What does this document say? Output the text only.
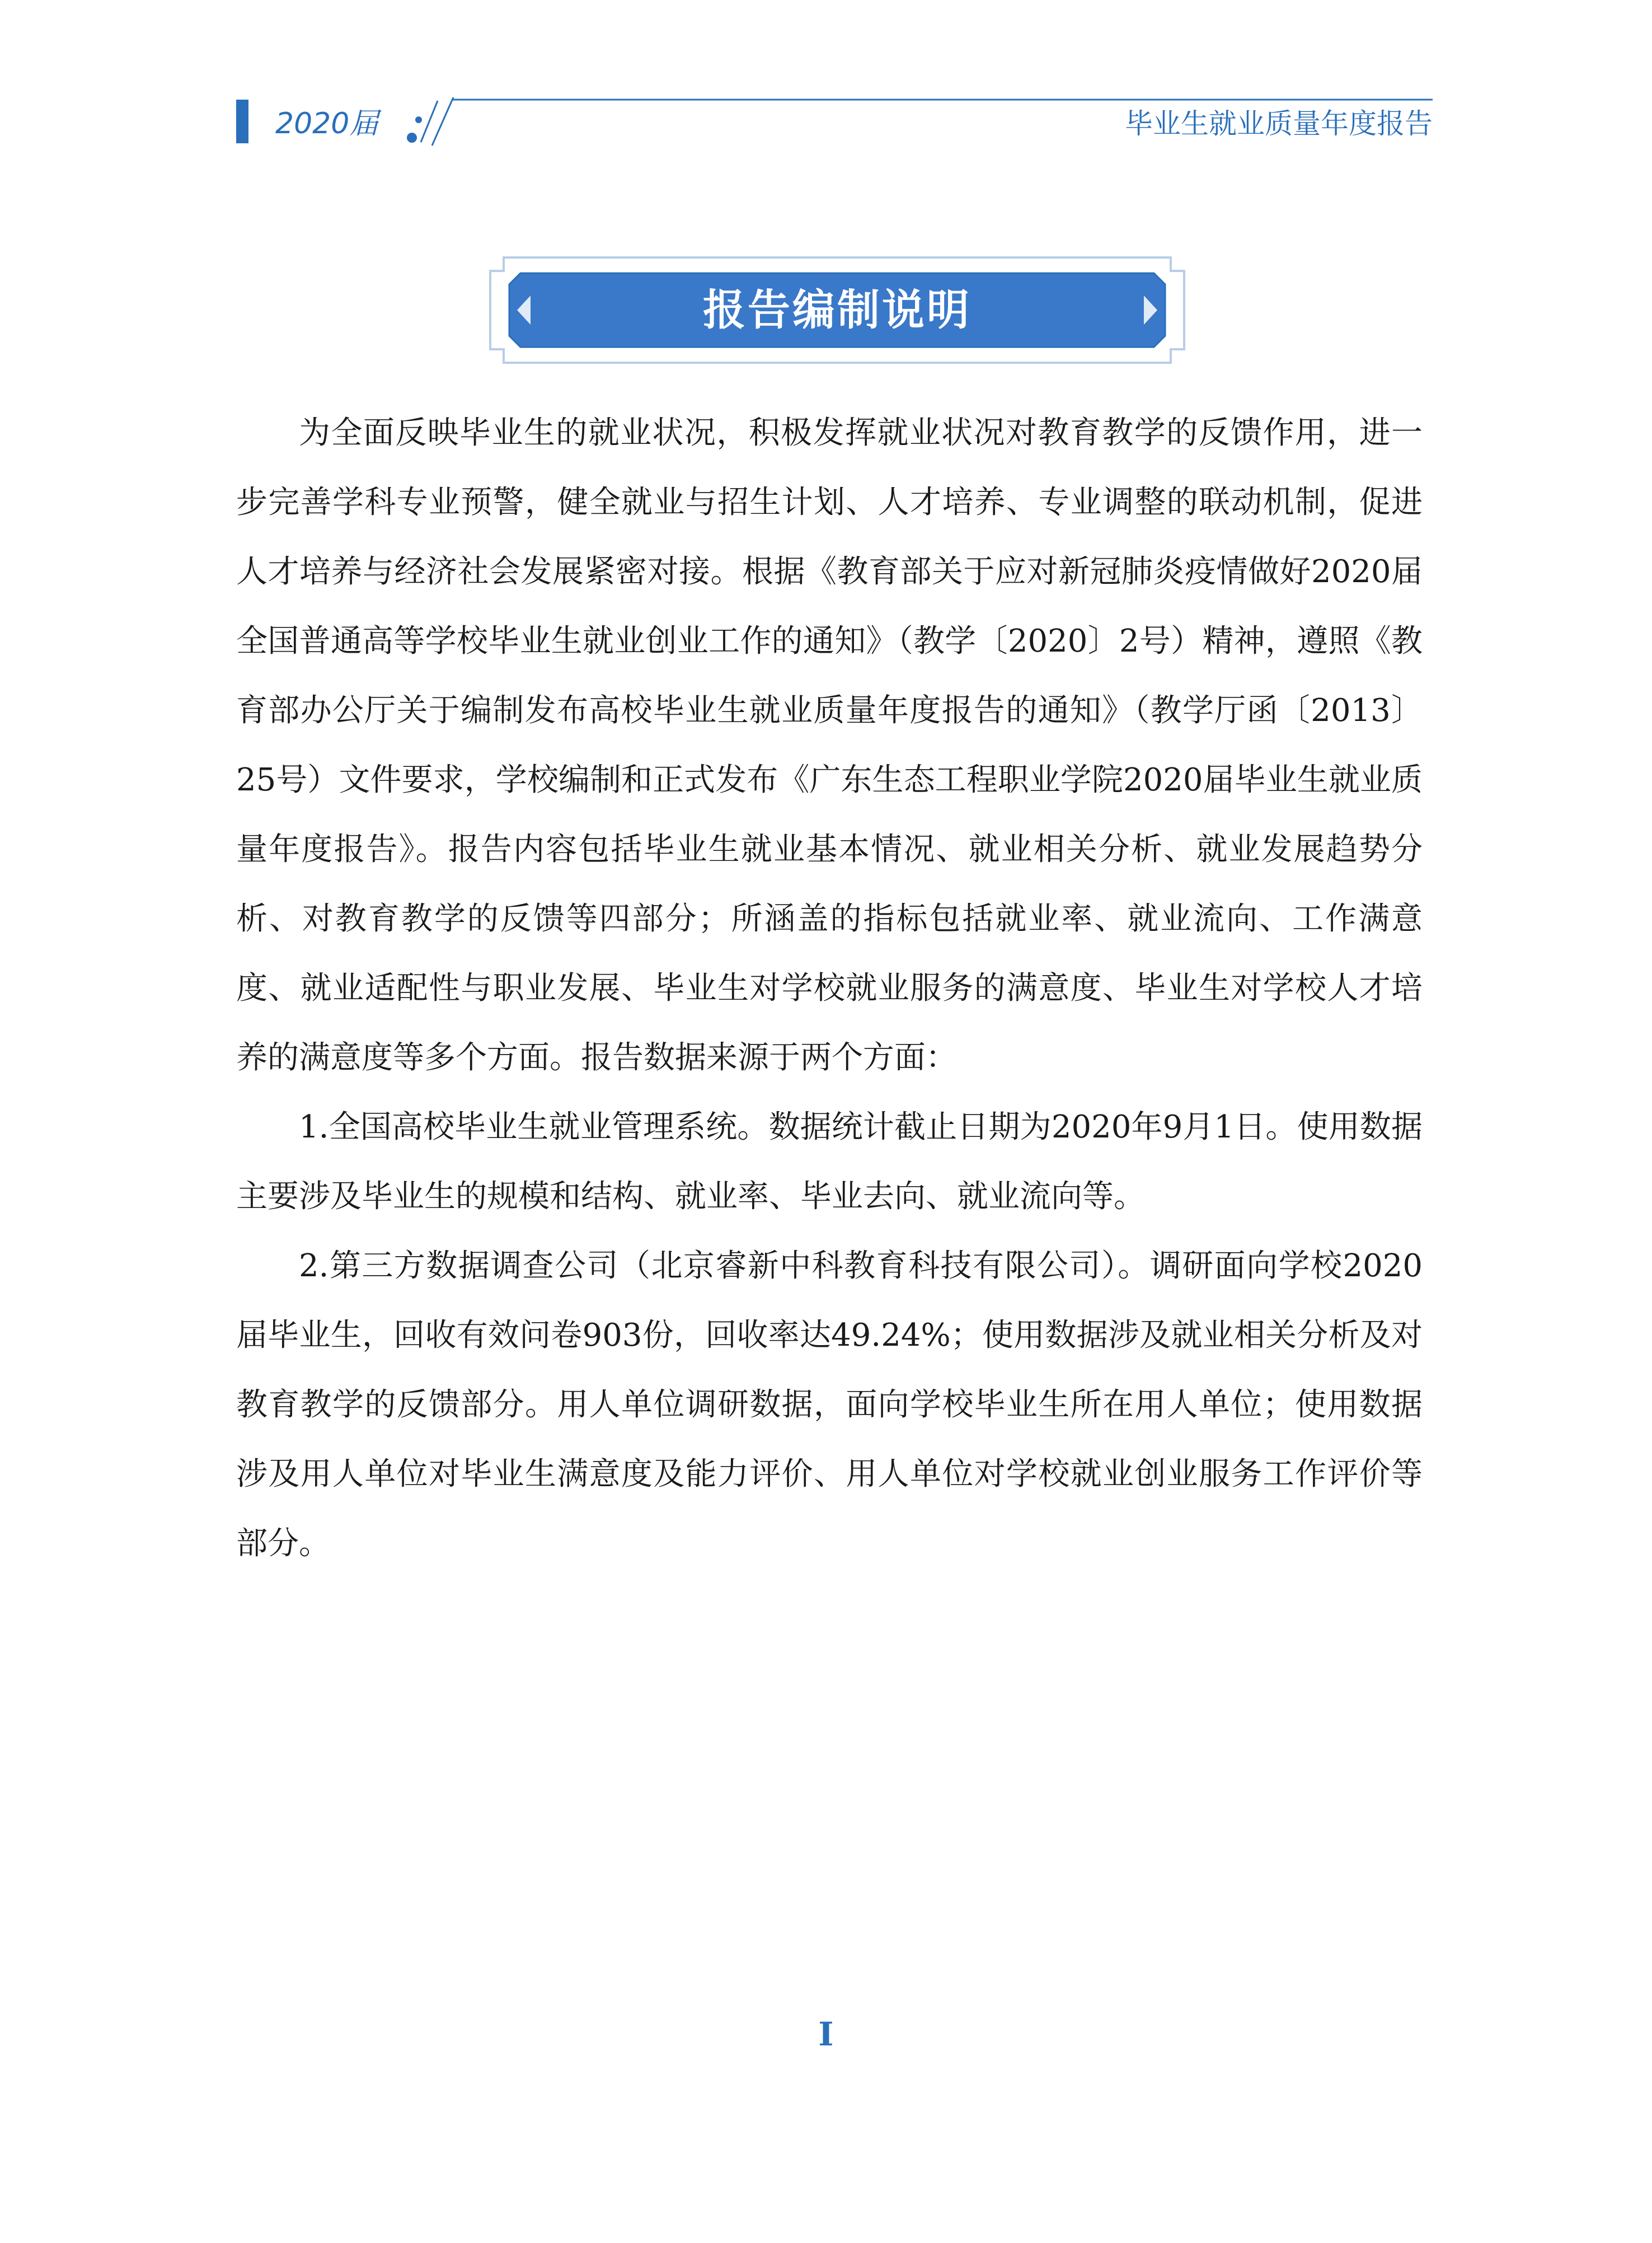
2020届	毕业生就业质量年度报告
报告编制说明

为全面反映毕业生的就业状况，积极发挥就业状况对教育教学的反馈作用，进一步完善学科专业预警，健全就业与招生计划、人才培养、专业调整的联动机制，促进人才培养与经济社会发展紧密对接。根据《教育部关于应对新冠肺炎疫情做好2020届全国普通高等学校毕业生就业创业工作的通知》（教学〔2020〕2号）精神，遵照《教育部办公厅关于编制发布高校毕业生就业质量年度报告的通知》（教学厅函〔2013〕25号）文件要求，学校编制和正式发布《广东生态工程职业学院2020届毕业生就业质量年度报告》。报告内容包括毕业生就业基本情况、就业相关分析、就业发展趋势分析、对教育教学的反馈等四部分；所涵盖的指标包括就业率、就业流向、工作满意度、就业适配性与职业发展、毕业生对学校就业服务的满意度、毕业生对学校人才培养的满意度等多个方面。报告数据来源于两个方面：

1.全国高校毕业生就业管理系统。数据统计截止日期为2020年9月1日。使用数据主要涉及毕业生的规模和结构、就业率、毕业去向、就业流向等。

2.第三方数据调查公司（北京睿新中科教育科技有限公司）。调研面向学校2020届毕业生，回收有效问卷903份，回收率达49.24%；使用数据涉及就业相关分析及对教育教学的反馈部分。用人单位调研数据，面向学校毕业生所在用人单位；使用数据涉及用人单位对毕业生满意度及能力评价、用人单位对学校就业创业服务工作评价等部分。

I
